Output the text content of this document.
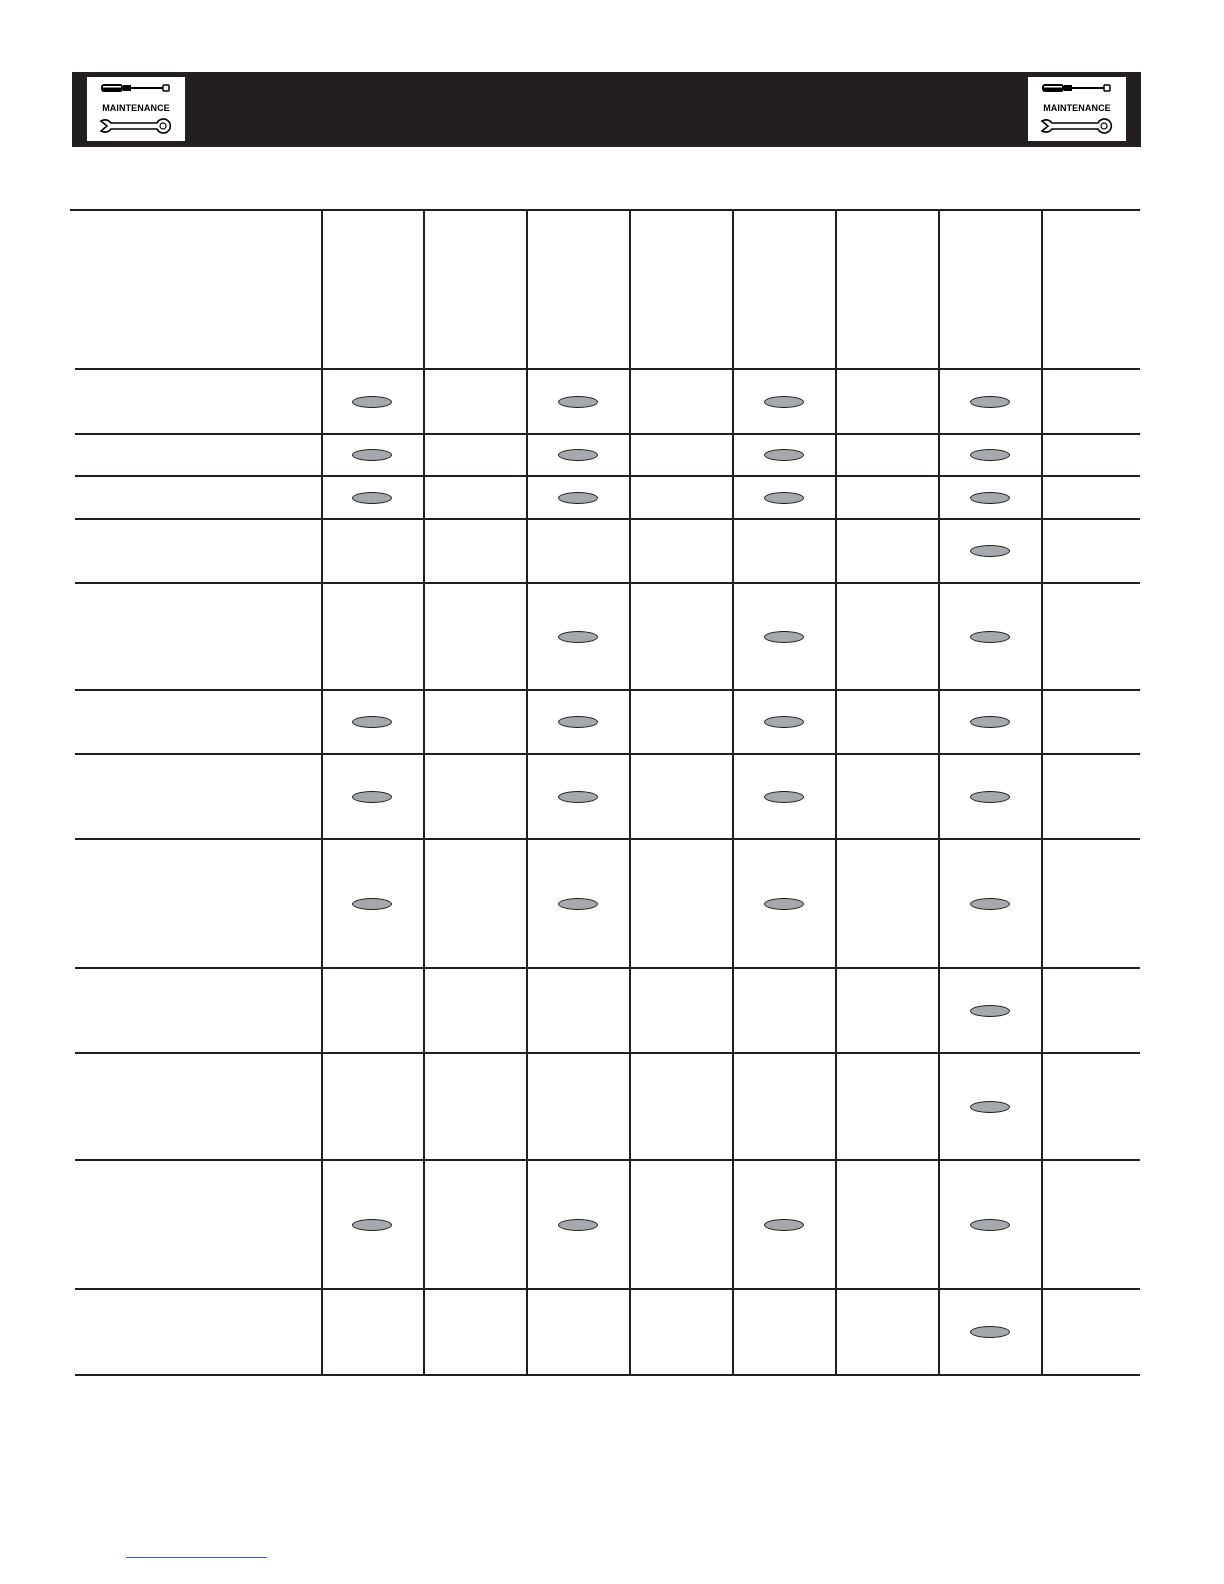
MAINTENANCE	MAINTENANCE
